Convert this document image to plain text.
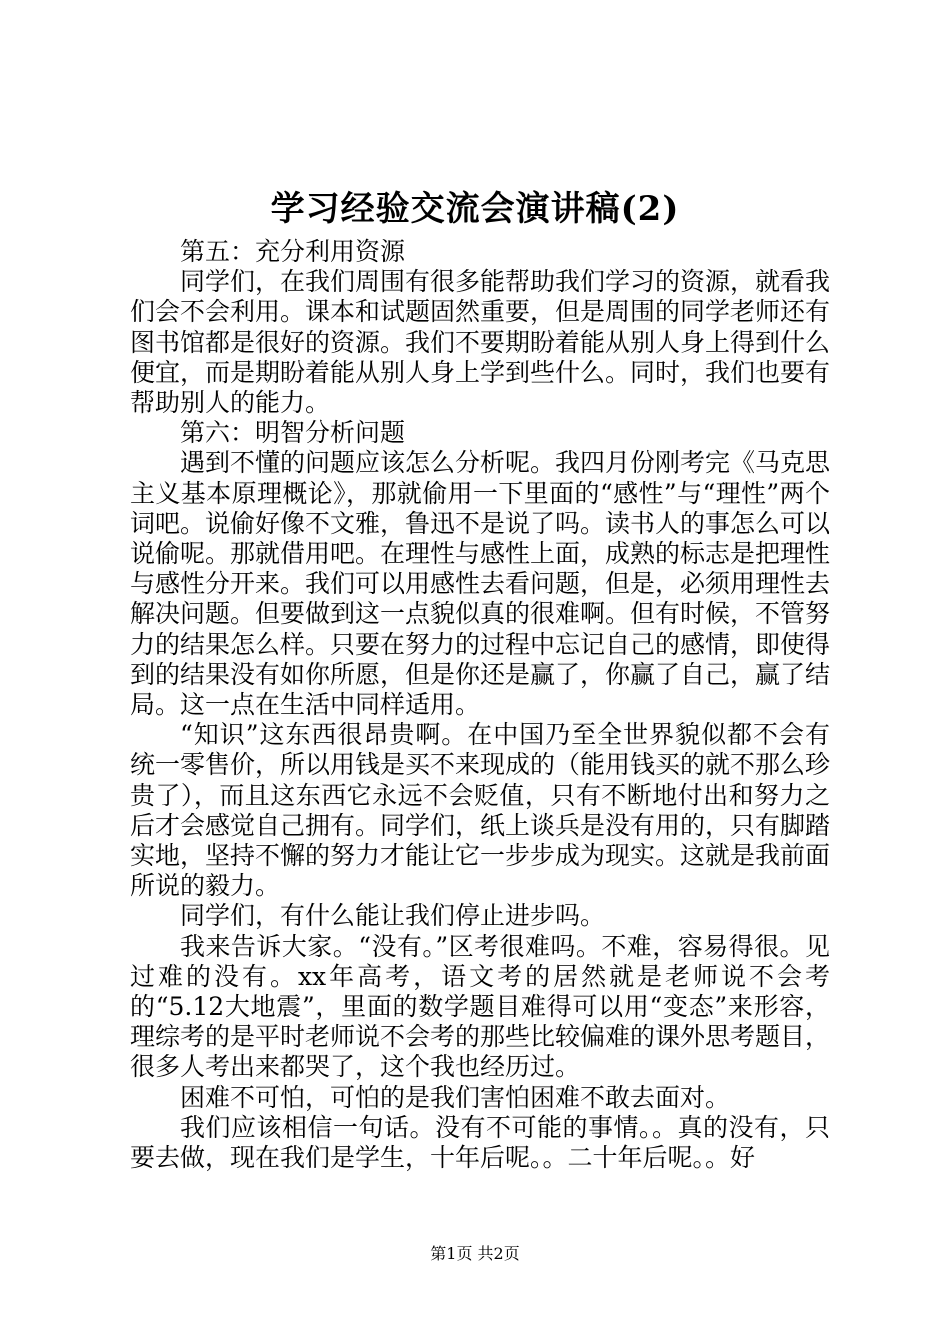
学习经验交流会演讲稿(2)

第五：充分利用资源

同学们，在我们周围有很多能帮助我们学习的资源，就看我们会不会利用。课本和试题固然重要，但是周围的同学老师还有图书馆都是很好的资源。我们不要期盼着能从别人身上得到什么便宜，而是期盼着能从别人身上学到些什么。同时，我们也要有帮助别人的能力。

第六：明智分析问题

遇到不懂的问题应该怎么分析呢。我四月份刚考完《马克思主义基本原理概论》，那就偷用一下里面的“感性”与“理性”两个词吧。说偷好像不文雅，鲁迅不是说了吗。读书人的事怎么可以说偷呢。那就借用吧。在理性与感性上面，成熟的标志是把理性与感性分开来。我们可以用感性去看问题，但是，必须用理性去解决问题。但要做到这一点貌似真的很难啊。但有时候，不管努力的结果怎么样。只要在努力的过程中忘记自己的感情，即使得到的结果没有如你所愿，但是你还是赢了，你赢了自己，赢了结局。这一点在生活中同样适用。

“知识”这东西很昂贵啊。在中国乃至全世界貌似都不会有统一零售价，所以用钱是买不来现成的（能用钱买的就不那么珍贵了），而且这东西它永远不会贬值，只有不断地付出和努力之后才会感觉自己拥有。同学们，纸上谈兵是没有用的，只有脚踏实地，坚持不懈的努力才能让它一步步成为现实。这就是我前面所说的毅力。

同学们，有什么能让我们停止进步吗。

我来告诉大家。“没有。”区考很难吗。不难，容易得很。见过难的没有。xx年高考，语文考的居然就是老师说不会考的“5.12大地震”，里面的数学题目难得可以用“变态”来形容，理综考的是平时老师说不会考的那些比较偏难的课外思考题目，很多人考出来都哭了，这个我也经历过。

困难不可怕，可怕的是我们害怕困难不敢去面对。

我们应该相信一句话。没有不可能的事情。。真的没有，只要去做，现在我们是学生，十年后呢。。二十年后呢。。好

第1页 共2页
